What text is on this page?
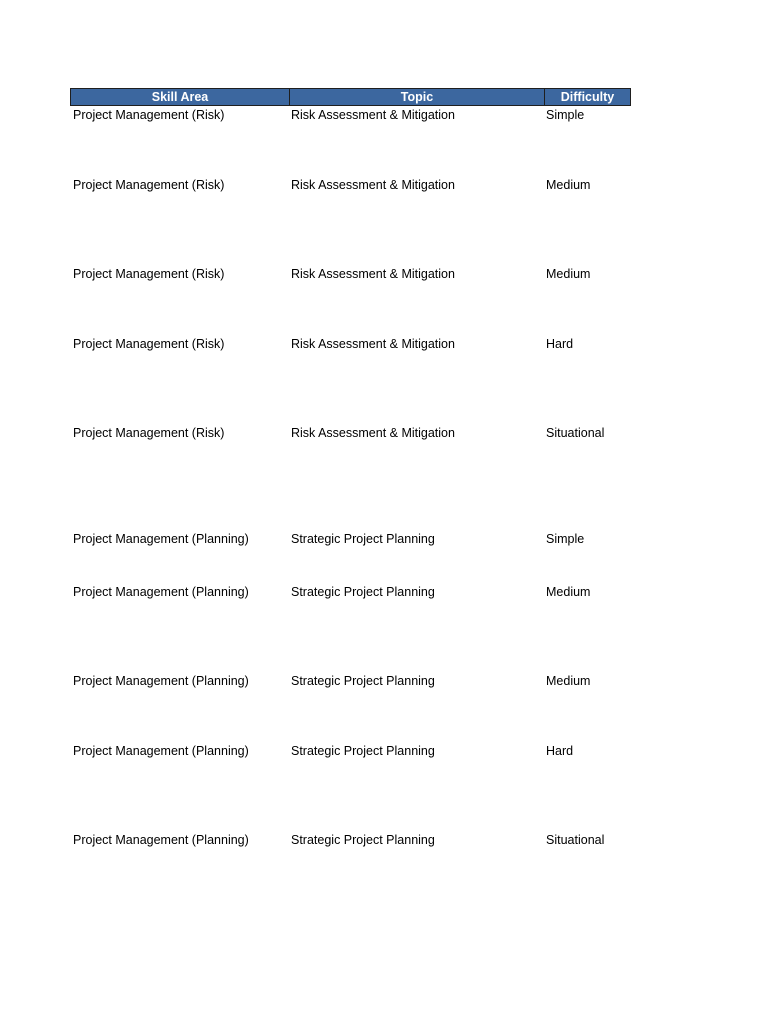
Skill Area	Topic	Difficulty
Project Management (Risk)	Risk Assessment & Mitigation	Simple
Project Management (Risk)	Risk Assessment & Mitigation	Medium
Project Management (Risk)	Risk Assessment & Mitigation	Medium
Project Management (Risk)	Risk Assessment & Mitigation	Hard
Project Management (Risk)	Risk Assessment & Mitigation	Situational
Project Management (Planning)	Strategic Project Planning	Simple
Project Management (Planning)	Strategic Project Planning	Medium
Project Management (Planning)	Strategic Project Planning	Medium
Project Management (Planning)	Strategic Project Planning	Hard
Project Management (Planning)	Strategic Project Planning	Situational
